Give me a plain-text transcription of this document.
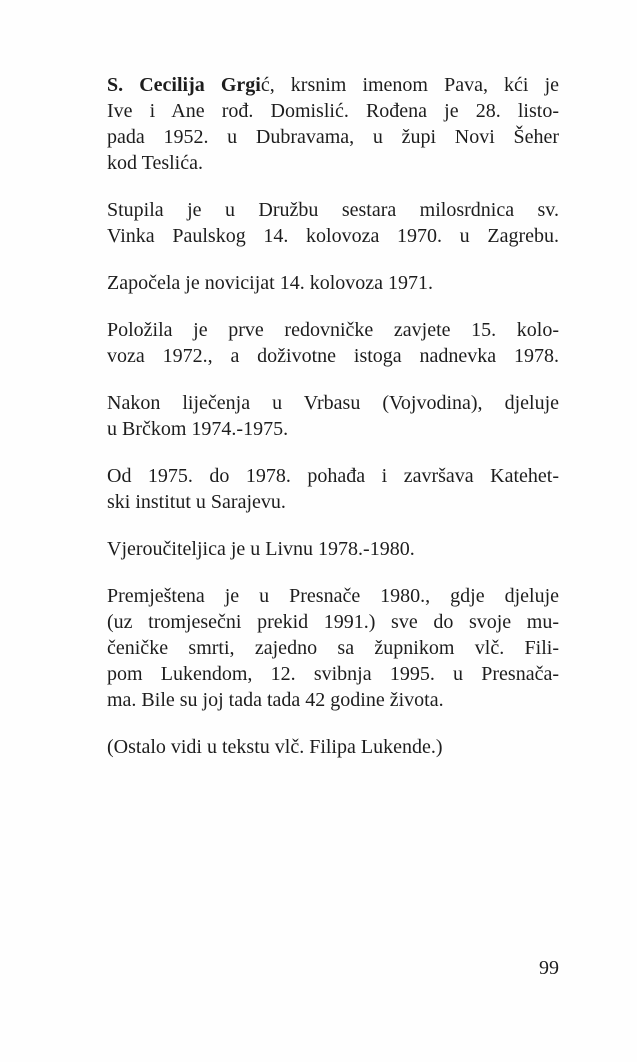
S. Cecilija Grgić, krsnim imenom Pava, kći je
Ive i Ane rođ. Domislić. Rođena je 28. listo-
pada 1952. u Dubravama, u župi Novi Šeher
kod Teslića.

Stupila je u Družbu sestara milosrdnica sv.
Vinka Paulskog 14. kolovoza 1970. u Zagrebu.

Započela je novicijat 14. kolovoza 1971.

Položila je prve redovničke zavjete 15. kolo-
voza 1972., a doživotne istoga nadnevka 1978.

Nakon liječenja u Vrbasu (Vojvodina), djeluje
u Brčkom 1974.-1975.

Od 1975. do 1978. pohađa i završava Katehet-
ski institut u Sarajevu.

Vjeroučiteljica je u Livnu 1978.-1980.

Premještena je u Presnače 1980., gdje djeluje
(uz tromjesečni prekid 1991.) sve do svoje mu-
čeničke smrti, zajedno sa župnikom vlč. Fili-
pom Lukendom, 12. svibnja 1995. u Presnača-
ma. Bile su joj tada tada 42 godine života.

(Ostalo vidi u tekstu vlč. Filipa Lukende.)

99
